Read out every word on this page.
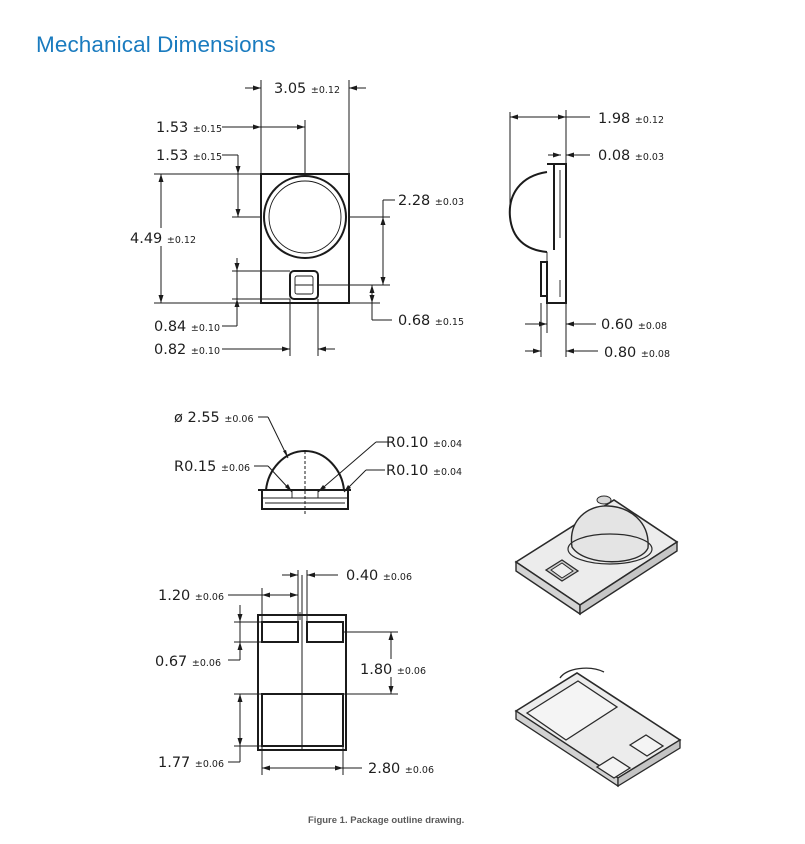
Mechanical Dimensions
3.05 ±0.12
1.53 ±0.15
1.53 ±0.15
4.49 ±0.12
2.28 ±0.03
0.84 ±0.10
0.82 ±0.10
0.68 ±0.15
1.98 ±0.12
0.08 ±0.03
0.60 ±0.08
0.80 ±0.08
ø 2.55 ±0.06
R0.15 ±0.06
R0.10 ±0.04
R0.10 ±0.04
0.40 ±0.06
1.20 ±0.06
0.67 ±0.06	1.80 ±0.06
1.77 ±0.06	2.80 ±0.06
Figure 1. Package outline drawing.
